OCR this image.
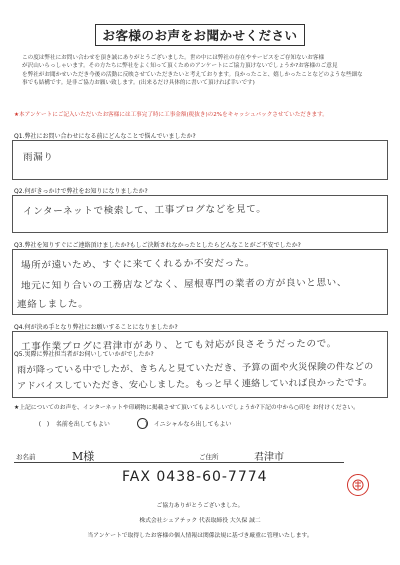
お客様のお声をお聞かせください
この度は弊社にお問い合わせを頂き誠にありがとうございました。世の中には弊社の存在やサービスをご存知ないお客様
が沢山いらっしゃいます。その方たちに弊社をよく知って頂くためのアンケートにご協力頂けないでしょうか?お客様のご意見
を弊社がお聞かせいただき今後の活動に反映させていただきたいと考えております。良かったこと、嬉しかったことなどのような些細な
事でも結構です。是非ご協力お願い致します。(出来るだけ具体的に書いて頂ければ幸いです)
★本アンケートにご記入いただいたお客様には工事完了時に工事金額(税抜き)の2%をキャッシュバックさせていただきます。
Q1.弊社にお問い合わせになる前にどんなことで悩んでいましたか?
雨漏り
Q2.何がきっかけで弊社をお知りになりましたか?
インターネットで検索して、工事ブログなどを見て。
Q3.弊社を知りすぐにご連絡頂けましたか?もしご決断されなかったとしたらどんなことがご不安でしたか?
場所が遠いため、すぐに来てくれるか不安だった。
地元に知り合いの工務店などなく、屋根専門の業者の方が良いと思い、
連絡しました。
Q4.何が決め手となり弊社にお願いすることになりましたか?
工事作業ブログに君津市があり、とても対応が良さそうだったので。
Q5.実際に弊社担当者がお伺いしていかがでしたか?
雨が降っている中でしたが、きちんと見ていただき、予算の面や火災保険の件などの
アドバイスしていただき、安心しました。もっと早く連絡していれば良かったです。
★上記についてのお声を、インターネットや印刷物に掲載させて頂いてもよろしいでしょうか?下記の中から○印を お付けください。
(   ) 名前を出してもよい	(   ) イニシャルなら出してもよい
お名前	M様	ご住所	君津市
FAX 0438-60-7774
ご協力ありがとうございました。
株式会社シェアテック 代表取締役 大久保 誠二
当アンケートで取得したお客様の個人情報は関係法規に基づき厳重に管理いたします。
